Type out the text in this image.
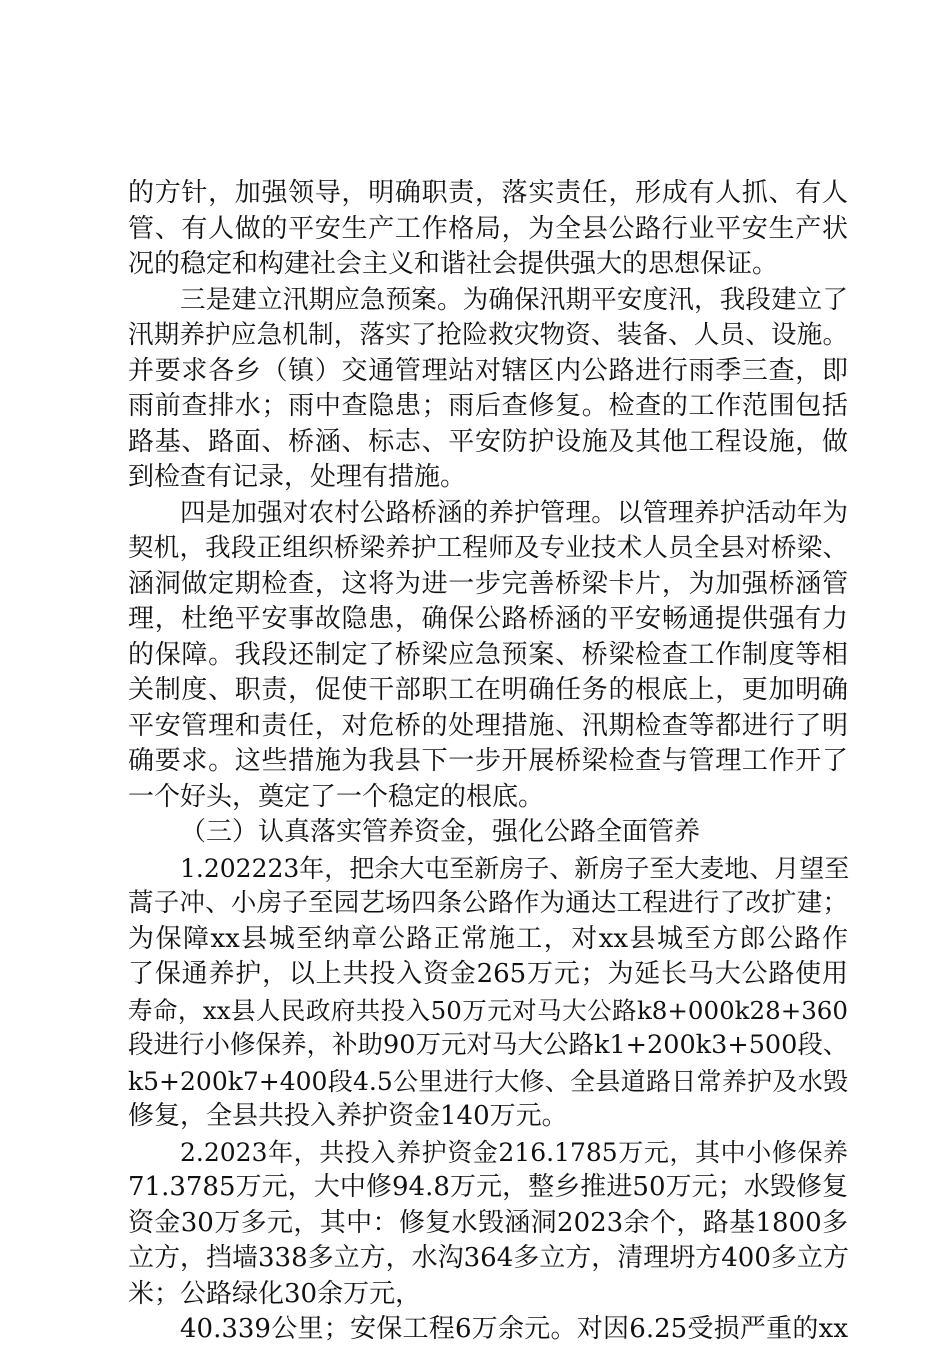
的方针，加强领导，明确职责，落实责任，形成有人抓、有人
管、有人做的平安生产工作格局，为全县公路行业平安生产状
况的稳定和构建社会主义和谐社会提供强大的思想保证。
三是建立汛期应急预案。为确保汛期平安度汛，我段建立了
汛期养护应急机制，落实了抢险救灾物资、装备、人员、设施。
并要求各乡（镇）交通管理站对辖区内公路进行雨季三查，即
雨前查排水；雨中查隐患；雨后查修复。检查的工作范围包括
路基、路面、桥涵、标志、平安防护设施及其他工程设施，做
到检查有记录，处理有措施。
四是加强对农村公路桥涵的养护管理。以管理养护活动年为
契机，我段正组织桥梁养护工程师及专业技术人员全县对桥梁、
涵洞做定期检查，这将为进一步完善桥梁卡片，为加强桥涵管
理，杜绝平安事故隐患，确保公路桥涵的平安畅通提供强有力
的保障。我段还制定了桥梁应急预案、桥梁检查工作制度等相
关制度、职责，促使干部职工在明确任务的根底上，更加明确
平安管理和责任，对危桥的处理措施、汛期检查等都进行了明
确要求。这些措施为我县下一步开展桥梁检查与管理工作开了
一个好头，奠定了一个稳定的根底。
（三）认真落实管养资金，强化公路全面管养
1.202223年，把余大屯至新房子、新房子至大麦地、月望至
蒿子冲、小房子至园艺场四条公路作为通达工程进行了改扩建；
为保障xx县城至纳章公路正常施工，对xx县城至方郎公路作
了保通养护，以上共投入资金265万元；为延长马大公路使用
寿命，xx县人民政府共投入50万元对马大公路k8+000k28+360
段进行小修保养，补助90万元对马大公路k1+200k3+500段、
k5+200k7+400段4.5公里进行大修、全县道路日常养护及水毁
修复，全县共投入养护资金140万元。
2.2023年，共投入养护资金216.1785万元，其中小修保养
71.3785万元，大中修94.8万元，整乡推进50万元；水毁修复
资金30万多元，其中：修复水毁涵洞2023余个，路基1800多
立方，挡墙338多立方，水沟364多立方，清理坍方400多立方
米；公路绿化30余万元，
40.339公里；安保工程6万余元。对因6.25受损严重的xx
